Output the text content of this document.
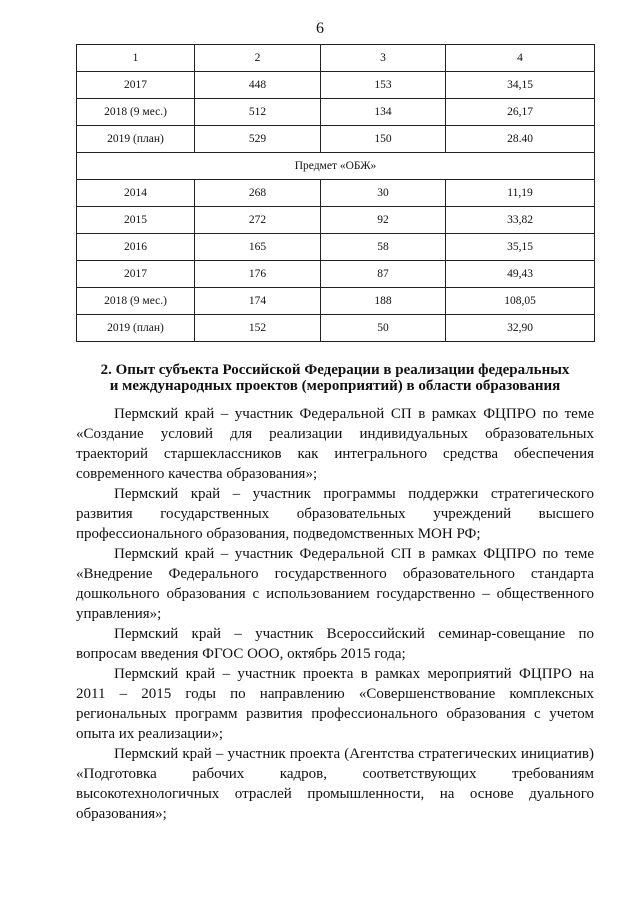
6
1	2	3	4
2017	448	153	34,15
2018 (9 мес.)	512	134	26,17
2019 (план)	529	150	28.40
Предмет «ОБЖ»			
2014	268	30	11,19
2015	272	92	33,82
2016	165	58	35,15
2017	176	87	49,43
2018 (9 мес.)	174	188	108,05
2019 (план)	152	50	32,90
2. Опыт субъекта Российской Федерации в реализации федеральных
и международных проектов (мероприятий) в области образования

Пермский край – участник Федеральной СП в рамках ФЦПРО по теме «Создание условий для реализации индивидуальных образовательных траекторий старшеклассников как интегрального средства обеспечения современного качества образования»;

Пермский край – участник программы поддержки стратегического развития государственных образовательных учреждений высшего профессионального образования, подведомственных МОН РФ;

Пермский край – участник Федеральной СП в рамках ФЦПРО по теме «Внедрение Федерального государственного образовательного стандарта дошкольного образования с использованием государственно – общественного управления»;

Пермский край – участник Всероссийский семинар-совещание по вопросам введения ФГОС ООО, октябрь 2015 года;

Пермский край – участник проекта в рамках мероприятий ФЦПРО на 2011 – 2015 годы по направлению «Совершенствование комплексных региональных программ развития профессионального образования с учетом опыта их реализации»;

Пермский край – участник проекта (Агентства стратегических инициатив) «Подготовка рабочих кадров, соответствующих требованиям высокотехнологичных отраслей промышленности, на основе дуального образования»;
